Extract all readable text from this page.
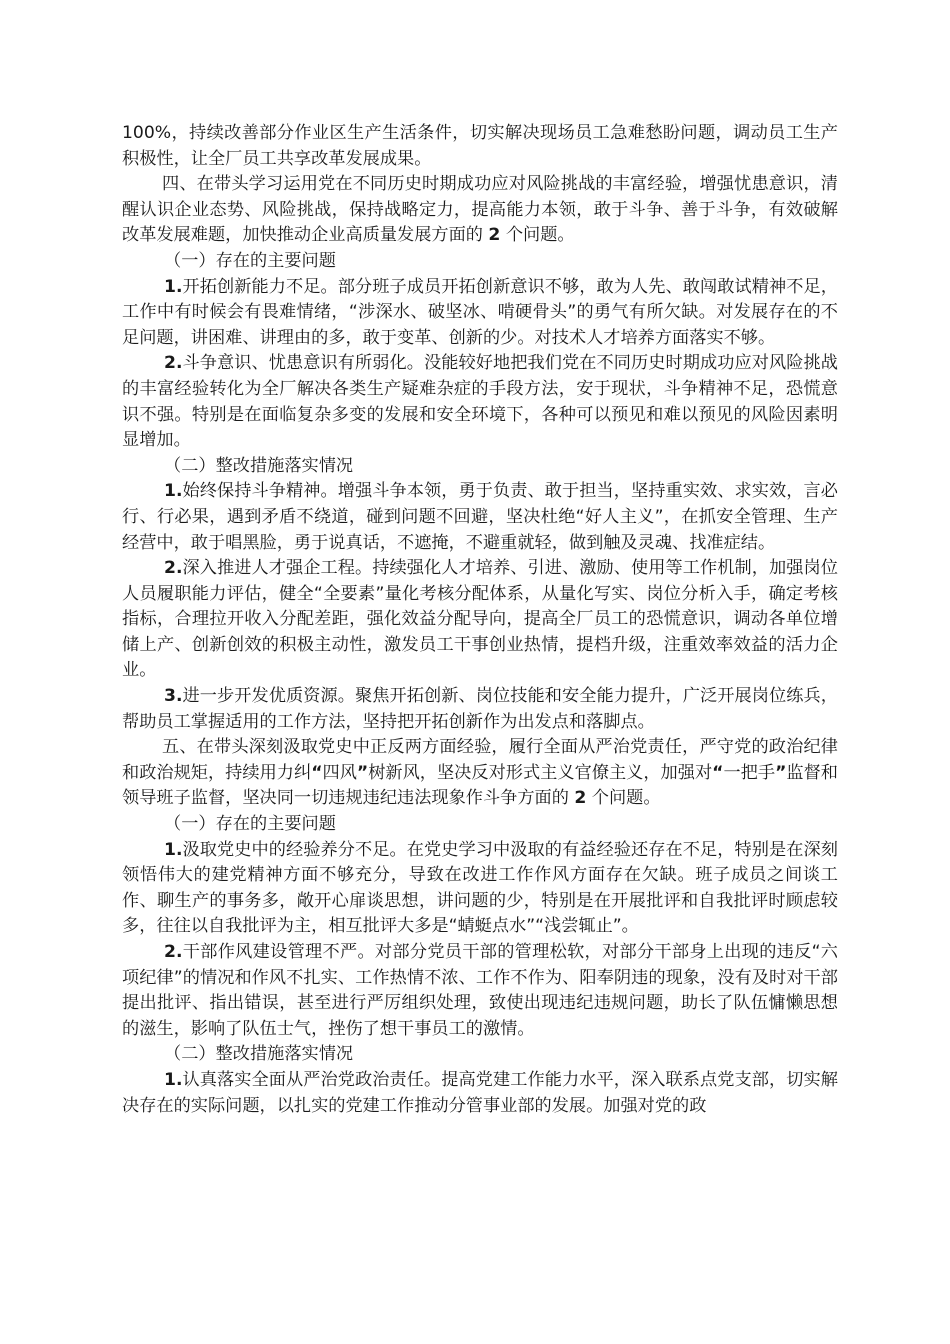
100%，持续改善部分作业区生产生活条件，切实解决现场员工急难愁盼问题，调动员工生产积极性，让全厂员工共享改革发展成果。

四、在带头学习运用党在不同历史时期成功应对风险挑战的丰富经验，增强忧患意识，清醒认识企业态势、风险挑战，保持战略定力，提高能力本领，敢于斗争、善于斗争，有效破解改革发展难题，加快推动企业高质量发展方面的 2 个问题。

（一）存在的主要问题

1.开拓创新能力不足。部分班子成员开拓创新意识不够，敢为人先、敢闯敢试精神不足，工作中有时候会有畏难情绪，“涉深水、破坚冰、啃硬骨头”的勇气有所欠缺。对发展存在的不足问题，讲困难、讲理由的多，敢于变革、创新的少。对技术人才培养方面落实不够。

2.斗争意识、忧患意识有所弱化。没能较好地把我们党在不同历史时期成功应对风险挑战的丰富经验转化为全厂解决各类生产疑难杂症的手段方法，安于现状，斗争精神不足，恐慌意识不强。特别是在面临复杂多变的发展和安全环境下，各种可以预见和难以预见的风险因素明显增加。

（二）整改措施落实情况

1.始终保持斗争精神。增强斗争本领，勇于负责、敢于担当，坚持重实效、求实效，言必行、行必果，遇到矛盾不绕道，碰到问题不回避，坚决杜绝“好人主义”，在抓安全管理、生产经营中，敢于唱黑脸，勇于说真话，不遮掩，不避重就轻，做到触及灵魂、找准症结。

2.深入推进人才强企工程。持续强化人才培养、引进、激励、使用等工作机制，加强岗位人员履职能力评估，健全“全要素”量化考核分配体系，从量化写实、岗位分析入手，确定考核指标，合理拉开收入分配差距，强化效益分配导向，提高全厂员工的恐慌意识，调动各单位增储上产、创新创效的积极主动性，激发员工干事创业热情，提档升级，注重效率效益的活力企业。

3.进一步开发优质资源。聚焦开拓创新、岗位技能和安全能力提升，广泛开展岗位练兵，帮助员工掌握适用的工作方法，坚持把开拓创新作为出发点和落脚点。

五、在带头深刻汲取党史中正反两方面经验，履行全面从严治党责任，严守党的政治纪律和政治规矩，持续用力纠“四风”树新风，坚决反对形式主义官僚主义，加强对“一把手”监督和领导班子监督，坚决同一切违规违纪违法现象作斗争方面的 2 个问题。

（一）存在的主要问题

1.汲取党史中的经验养分不足。在党史学习中汲取的有益经验还存在不足，特别是在深刻领悟伟大的建党精神方面不够充分，导致在改进工作作风方面存在欠缺。班子成员之间谈工作、聊生产的事务多，敞开心扉谈思想，讲问题的少，特别是在开展批评和自我批评时顾虑较多，往往以自我批评为主，相互批评大多是“蜻蜓点水”“浅尝辄止”。

2.干部作风建设管理不严。对部分党员干部的管理松软，对部分干部身上出现的违反“六项纪律”的情况和作风不扎实、工作热情不浓、工作不作为、阳奉阴违的现象，没有及时对干部提出批评、指出错误，甚至进行严厉组织处理，致使出现违纪违规问题，助长了队伍慵懒思想的滋生，影响了队伍士气，挫伤了想干事员工的激情。

（二）整改措施落实情况

1.认真落实全面从严治党政治责任。提高党建工作能力水平，深入联系点党支部，切实解决存在的实际问题，以扎实的党建工作推动分管事业部的发展。加强对党的政
